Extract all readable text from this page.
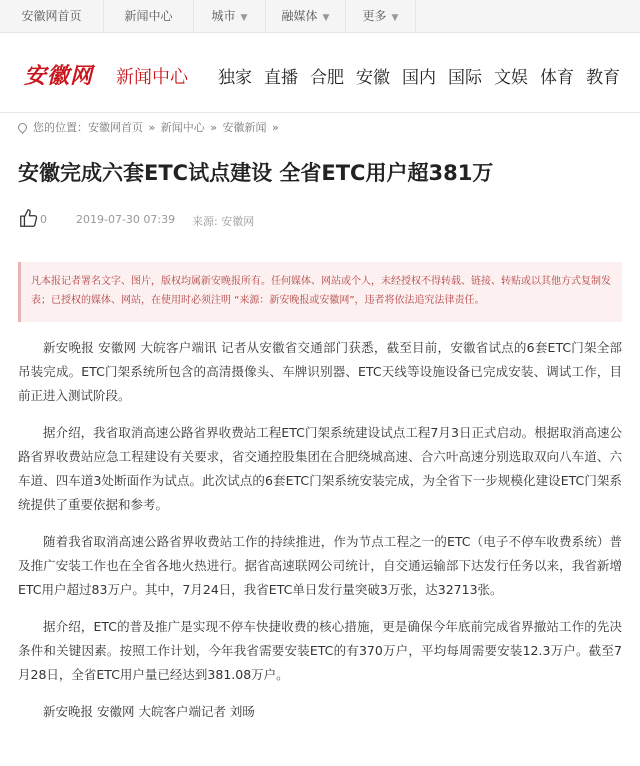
安徽网首页	新闻中心	城市 ▼	融媒体 ▼	更多 ▼
安徽网 新闻中心 独家 直播 合肥 安徽 国内 国际 文娱 体育 教育
您的位置：安徽网首页 » 新闻中心 » 安徽新闻 »
安徽完成六套ETC试点建设 全省ETC用户超381万
0	2019-07-30 07:39 来源: 安徽网
凡本报记者署名文字、图片，版权均属新安晚报所有。任何媒体、网站或个人，未经授权不得转载、链接、转贴或以其他方式复制发表；已授权的媒体、网站，在使用时必须注明 “来源：新安晚报或安徽网”，违者将依法追究法律责任。

新安晚报 安徽网 大皖客户端讯 记者从安徽省交通部门获悉，截至目前，安徽省试点的6套ETC门架全部吊装完成。ETC门架系统所包含的高清摄像头、车牌识别器、ETC天线等设施设备已完成安装、调试工作，目前正进入测试阶段。

据介绍，我省取消高速公路省界收费站工程ETC门架系统建设试点工程7月3日正式启动。根据取消高速公路省界收费站应急工程建设有关要求，省交通控股集团在合肥绕城高速、合六叶高速分别选取双向八车道、六车道、四车道3处断面作为试点。此次试点的6套ETC门架系统安装完成，为全省下一步规模化建设ETC门架系统提供了重要依据和参考。

随着我省取消高速公路省界收费站工作的持续推进，作为节点工程之一的ETC（电子不停车收费系统）普及推广安装工作也在全省各地火热进行。据省高速联网公司统计，自交通运输部下达发行任务以来，我省新增ETC用户超过83万户。其中，7月24日，我省ETC单日发行量突破3万张，达32713张。

据介绍，ETC的普及推广是实现不停车快捷收费的核心措施，更是确保今年底前完成省界撤站工作的先决条件和关键因素。按照工作计划，今年我省需要安装ETC的有370万户，平均每周需要安装12.3万户。截至7月28日，全省ETC用户量已经达到381.08万户。

新安晚报 安徽网 大皖客户端记者 刘旸
